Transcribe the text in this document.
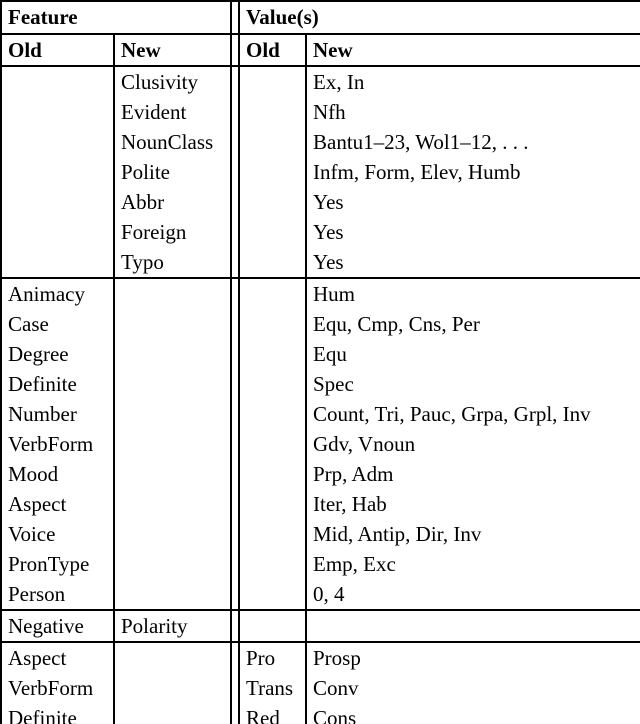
Feature			Value(s)	
Old	New		Old	New
	Clusivity			Ex, In
	Evident			Nfh
	NounClass			Bantu1–23, Wol1–12, . . .
	Polite			Infm, Form, Elev, Humb
	Abbr			Yes
	Foreign			Yes
	Typo			Yes
Animacy				Hum
Case				Equ, Cmp, Cns, Per
Degree				Equ
Definite				Spec
Number				Count, Tri, Pauc, Grpa, Grpl, Inv
VerbForm				Gdv, Vnoun
Mood				Prp, Adm
Aspect				Iter, Hab
Voice				Mid, Antip, Dir, Inv
PronType				Emp, Exc
Person				0, 4
Negative	Polarity			
Aspect			Pro	Prosp
VerbForm			Trans	Conv
Definite			Red	Cons
